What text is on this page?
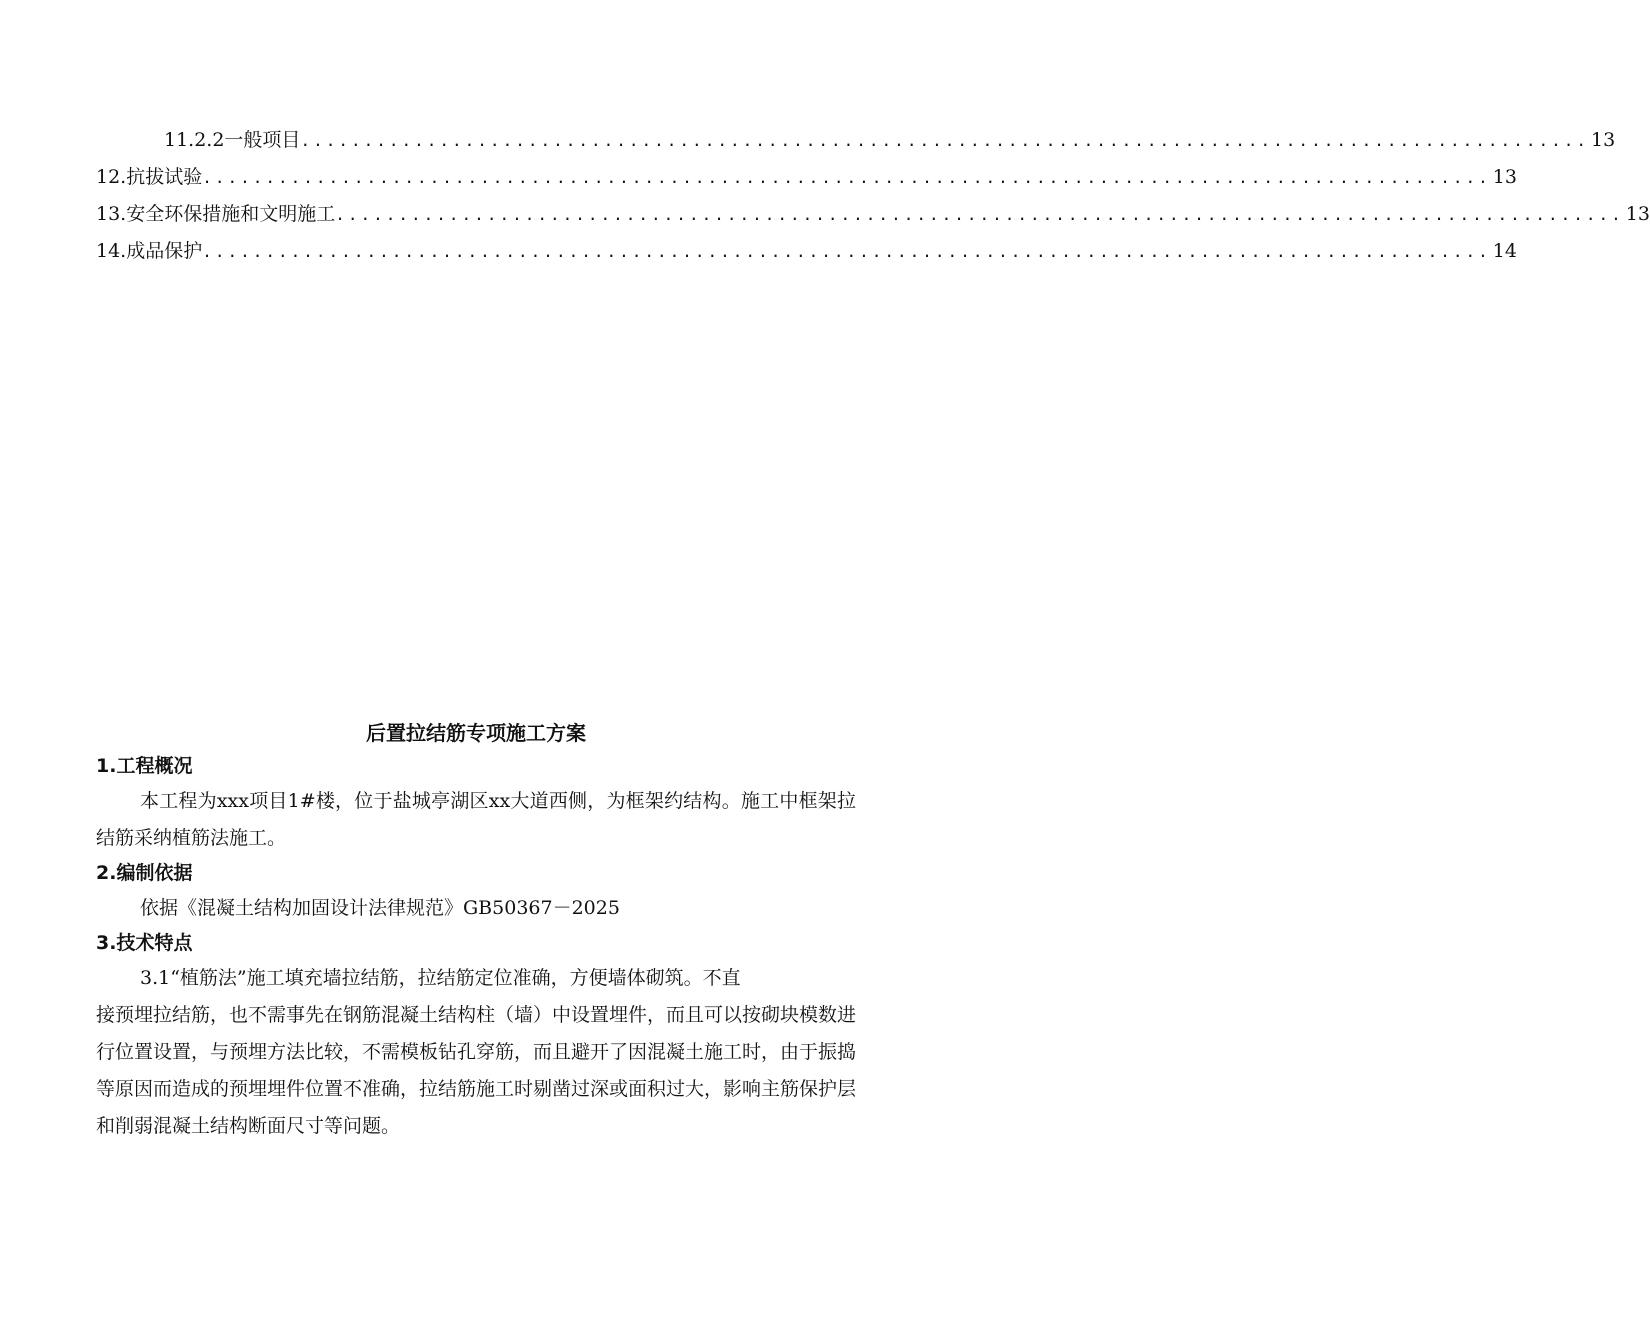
11.2.2一般项目 ...................................................................................................... 13
12.抗拔试验 ...................................................................................................... 13
13.安全环保措施和文明施工 ...................................................................................................... 13
14.成品保护 ...................................................................................................... 14
后置拉结筋专项施工方案
1.工程概况

本工程为xxx项目1#楼，位于盐城亭湖区xx大道西侧，为框架约结构。施工中框架拉结筋采纳植筋法施工。

2.编制依据

依据《混凝土结构加固设计法律规范》GB50367－2025

3.技术特点

3.1“植筋法”施工填充墙拉结筋，拉结筋定位准确，方便墙体砌筑。不直

接预埋拉结筋，也不需事先在钢筋混凝土结构柱（墙）中设置埋件，而且可以按砌块模数进行位置设置，与预埋方法比较，不需模板钻孔穿筋，而且避开了因混凝土施工时，由于振捣等原因而造成的预埋埋件位置不准确，拉结筋施工时剔凿过深或面积过大，影响主筋保护层和削弱混凝土结构断面尺寸等问题。
